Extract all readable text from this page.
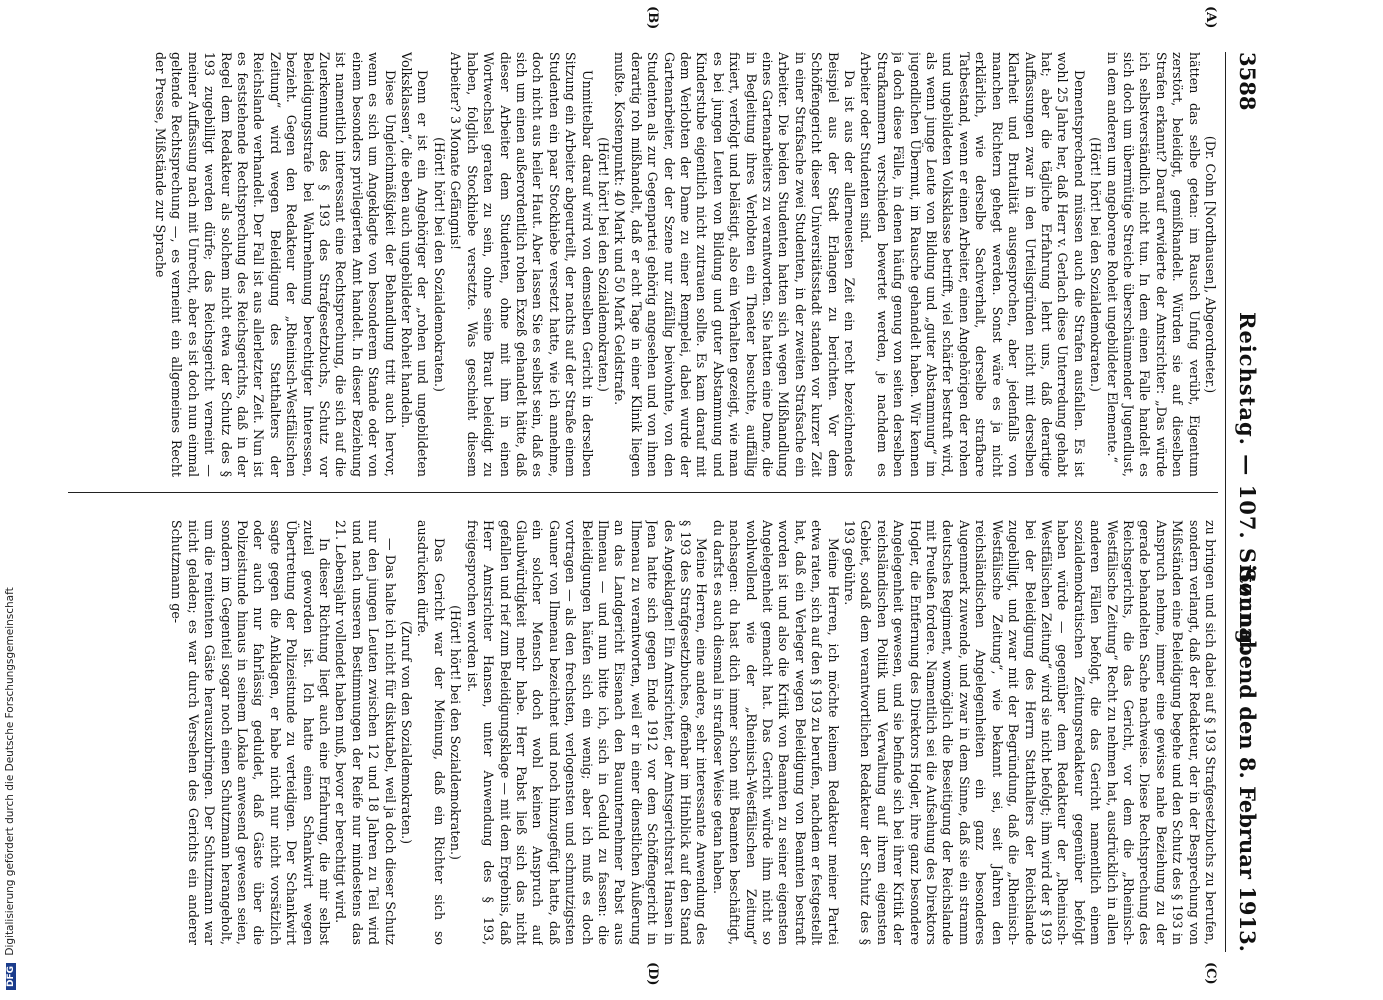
3588
Reichstag. — 107. Sitzung.
Sonnabend den 8. Februar 1913.
(A)
(B)
(C)
(D)

(Dr. Cohn [Nordhausen], Abgeordneter.)

hätten das selbe getan: im Rausch Unfug verübt, Eigentum zerstört, beleidigt, gemißhandelt. Würden sie auf dieselben Strafen erkannt? Darauf erwiderte der Amtsrichter: „Das würde ich selbstverständlich nicht tun. In dem einen Falle handelt es sich doch um übermütige Streiche überschäumender Jugendlust, in dem anderen um angeborene Roheit ungebildeter Elemente.“

(Hört! hört! bei den Sozialdemokraten.)

Dementsprechend müssen auch die Strafen ausfallen. Es ist wohl 25 Jahre her, daß Herr v. Gerlach diese Unterredung gehabt hat; aber die tägliche Erfahrung lehrt uns, daß derartige Auffassungen zwar in den Urteilsgründen nicht mit derselben Klarheit und Brutalität ausgesprochen, aber jedenfalls von manchen Richtern gehegt werden. Sonst wäre es ja nicht erklärlich, wie derselbe Sachverhalt, derselbe strafbare Tatbestand, wenn er einen Arbeiter, einen Angehörigen der rohen und ungebildeten Volksklasse betrifft, viel schärfer bestraft wird, als wenn junge Leute von Bildung und „guter Abstammung“ im jugendlichen Übermut, im Rausche gehandelt haben. Wir kennen ja doch diese Fälle, in denen häufig genug von seiten derselben Strafkammern verschieden bewertet werden, je nachdem es Arbeiter oder Studenten sind.

Da ist aus der allerneuesten Zeit ein recht bezeichnendes Beispiel aus der Stadt Erlangen zu berichten. Vor dem Schöffengericht dieser Universitätsstadt standen vor kurzer Zeit in einer Strafsache zwei Studenten, in der zweiten Strafsache ein Arbeiter. Die beiden Studenten hatten sich wegen Mißhandlung eines Gartenarbeiters zu verantworten. Sie hatten eine Dame, die in Begleitung ihres Verlobten ein Theater besuchte, auffällig fixiert, verfolgt und belästigt, also ein Verhalten gezeigt, wie man es bei jungen Leuten von Bildung und guter Abstammung und Kinderstube eigentlich nicht zutrauen sollte. Es kam darauf mit dem Verlobten der Dame zu einer Rempelei, dabei wurde der Gartenarbeiter, der der Szene nur zufällig beiwohnte, von den Studenten als zur Gegenpartei gehörig angesehen und von ihnen derartig roh mißhandelt, daß er acht Tage in einer Klinik liegen mußte. Kostenpunkt: 40 Mark und 50 Mark Geldstrafe.

(Hört! hört! bei den Sozialdemokraten.)

Unmittelbar darauf wird von demselben Gericht in derselben Sitzung ein Arbeiter abgeurteilt, der nachts auf der Straße einem Studenten ein paar Stockhiebe versetzt hatte, wie ich annehme, doch nicht aus heiler Haut. Aber lassen Sie es selbst sein, daß es sich um einen außerordentlich rohen Exzeß gehandelt hätte, daß dieser Arbeiter dem Studenten, ohne mit ihm in einen Wortwechsel geraten zu sein, ohne seine Braut beleidigt zu haben, folglich Stockhiebe versetzte. Was geschieht diesem Arbeiter? 3 Monate Gefängnis!

(Hört! hört! bei den Sozialdemokraten.)

Denn er ist ein Angehöriger der „rohen und ungebildeten Volksklassen“, die eben auch ungebildeter Roheit handeln.

Diese Ungleichmäßigkeit der Behandlung tritt auch hervor, wenn es sich um Angeklagte von besonderem Stande oder von einem besonders privilegierten Amt handelt. In dieser Beziehung ist namentlich interessant eine Rechtsprechung, die sich auf die Zuerkennung des § 193 des Strafgesetzbuchs, Schutz vor Beleidigungsstrafe bei Wahrnehmung berechtigter Interessen, bezieht. Gegen den Redakteur der „Rheinisch-Westfälischen Zeitung“ wird wegen Beleidigung des Statthalters der Reichslande verhandelt. Der Fall ist aus allerletzter Zeit. Nun ist es feststehende Rechtsprechung des Reichsgerichts, daß in der Regel dem Redakteur als solchem nicht etwa der Schutz des § 193 zugebilligt werden dürfe; das Reichsgericht verneint — meiner Auffassung nach mit Unrecht, aber es ist doch nun einmal geltende Rechtsprechung —, es verneint ein allgemeines Recht der Presse, Mißstände zur Sprache

zu bringen und sich dabei auf § 193 Strafgesetzbuchs zu berufen, sondern verlangt, daß der Redakteur, der in der Besprechung von Mißständen eine Beleidigung begehe und den Schutz des § 193 in Anspruch nehme, immer eine gewisse nahe Beziehung zu der gerade behandelten Sache nachweise. Diese Rechtsprechung des Reichsgerichts, die das Gericht, vor dem die „Rheinisch-Westfälische Zeitung“ Recht zu nehmen hat, ausdrücklich in allen anderen Fällen befolgt, die das Gericht namentlich einem sozialdemokratischen Zeitungsredakteur gegenüber befolgt haben würde — gegenüber dem Redakteur der „Rheinisch-Westfälischen Zeitung“ wird sie nicht befolgt; ihm wird der § 193 bei der Beleidigung des Herrn Statthalters der Reichslande zugebilligt, und zwar mit der Begründung, daß die „Rheinisch-Westfälische Zeitung“, wie bekannt sei, seit Jahren den reichsländischen Angelegenheiten ein ganz besonderes Augenmerk zuwende, und zwar in dem Sinne, daß sie ein stramm deutsches Regiment, womöglich die Beseitigung der Reichslande mit Preußen fordere. Namentlich sei die Aufsehung des Direktors Hogler, die Entfernung des Direktors Hogler, ihre ganz besondere Angelegenheit gewesen, und sie befinde sich bei ihrer Kritik der reichsländischen Politik und Verwaltung auf ihrem eigensten Gebiet, sodaß dem verantwortlichen Redakteur der Schutz des § 193 gebühre.

Meine Herren, ich möchte keinem Redakteur meiner Partei etwa raten, sich auf den § 193 zu berufen, nachdem er festgestellt hat, daß ein Verleger wegen Beleidigung von Beamten bestraft worden ist und also die Kritik von Beamten zu seiner eigensten Angelegenheit gemacht hat. Das Gericht würde ihm nicht so wohlwollend wie der „Rheinisch-Westfälischen Zeitung“ nachsagen: du hast dich immer schon mit Beamten beschäftigt, du darfst es auch diesmal in strafloser Weise getan haben.

Meine Herren, eine andere, sehr interessante Anwendung des § 193 des Strafgesetzbuches, offenbar im Hinblick auf den Stand des Angeklagten! Ein Amtsrichter, der Amtsgerichtsrat Hansen in Jena hatte sich gegen Ende 1912 vor dem Schöffengericht in Ilmenau zu verantworten, weil er in einer dienstlichen Äußerung an das Landgericht Eisenach den Bauunternehmer Pabst aus Ilmenau — und nun bitte ich, sich in Geduld zu fassen: die Beleidigungen häufen sich ein wenig; aber ich muß es doch vortragen — als den frechsten, verlogensten und schmutzigsten Gauner von Ilmenau bezeichnet und noch hinzugefügt hatte, daß ein solcher Mensch doch wohl keinen Anspruch auf Glaubwürdigkeit mehr habe. Herr Pabst ließ sich das nicht gefallen und rief zum Beleidigungsklage — mit dem Ergebnis, daß Herr Amtsrichter Hansen, unter Anwendung des § 193, freigesprochen worden ist.

(Hört! hört! bei den Sozialdemokraten.)

Das Gericht war der Meinung, daß ein Richter sich so ausdrücken dürfe.

(Zuruf von den Sozialdemokraten.)

— Das halte ich nicht für diskutabel, weil ja doch dieser Schutz nur den jungen Leuten zwischen 12 und 18 Jahren zu Teil wird und nach unseren Bestimmungen der Reife nur mindestens das 21. Lebensjahr vollendet haben muß, bevor er berechtigt wird.

In dieser Richtung liegt auch eine Erfahrung, die mir selbst zuteil geworden ist. Ich hatte einen Schankwirt wegen Übertretung der Polizeistunde zu verteidigen. Der Schankwirt sagte gegen die Anklagen, er habe nicht nur nicht vorsätzlich oder auch nur fahrlässig geduldet, daß Gäste über die Polizeistunde hinaus in seinem Lokale anwesend gewesen seien, sondern im Gegenteil sogar noch einen Schutzmann herangeholt, um die renitenten Gäste herauszubringen. Der Schutzmann war nicht geladen; es war durch Versehen des Gerichts ein anderer Schutzmann ge-

DFG Digitalisierung gefördert durch die Deutsche Forschungsgemeinschaft
